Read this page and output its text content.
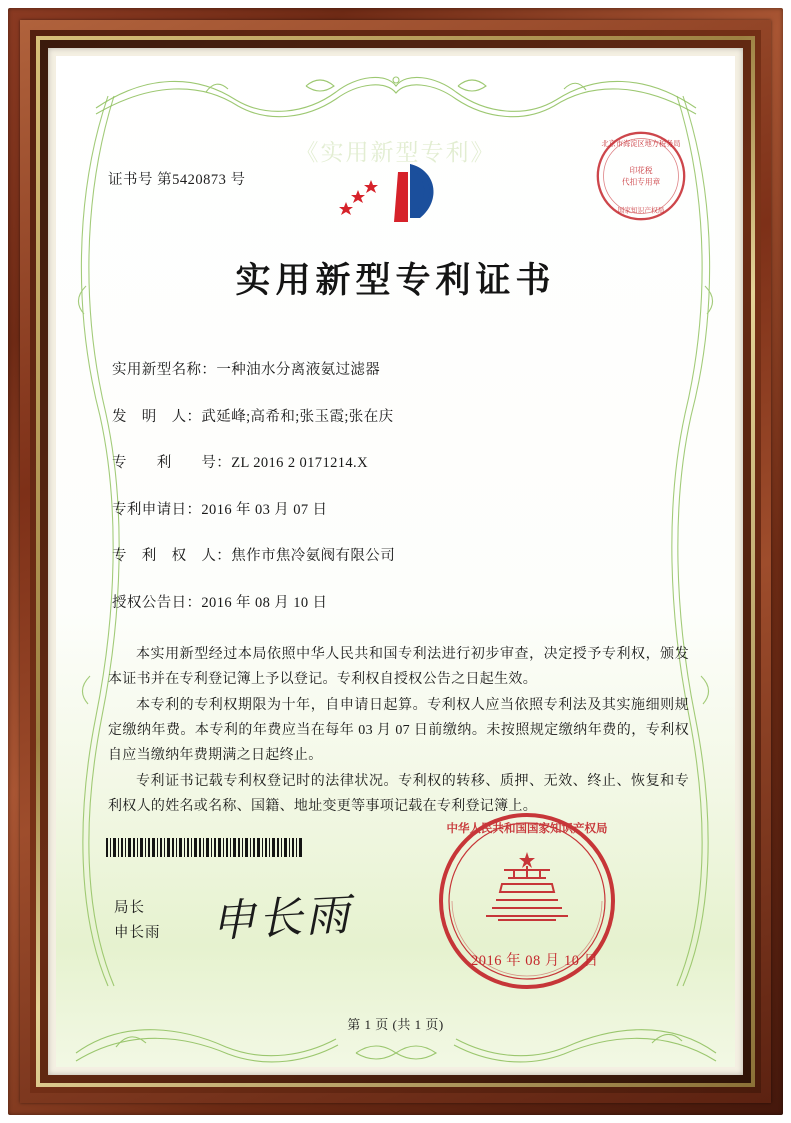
《实用新型专利》
证书号 第5420873 号
北京市海淀区地方税务局
印花税
代扣专用章
国家知识产权局
实用新型专利证书
实用新型名称：一种油水分离液氨过滤器
发　明　人：武延峰;高希和;张玉霞;张在庆
专　　利　　号：ZL 2016 2 0171214.X
专利申请日：2016 年 03 月 07 日
专　利　权　人：焦作市焦冷氨阀有限公司
授权公告日：2016 年 08 月 10 日

本实用新型经过本局依照中华人民共和国专利法进行初步审查，决定授予专利权，颁发本证书并在专利登记簿上予以登记。专利权自授权公告之日起生效。

本专利的专利权期限为十年，自申请日起算。专利权人应当依照专利法及其实施细则规定缴纳年费。本专利的年费应当在每年 03 月 07 日前缴纳。未按照规定缴纳年费的，专利权自应当缴纳年费期满之日起终止。

专利证书记载专利权登记时的法律状况。专利权的转移、质押、无效、终止、恢复和专利权人的姓名或名称、国籍、地址变更等事项记载在专利登记簿上。

局长
申长雨 申长雨
中华人民共和国国家知识产权局
2016 年 08 月 10 日
第 1 页 (共 1 页)
